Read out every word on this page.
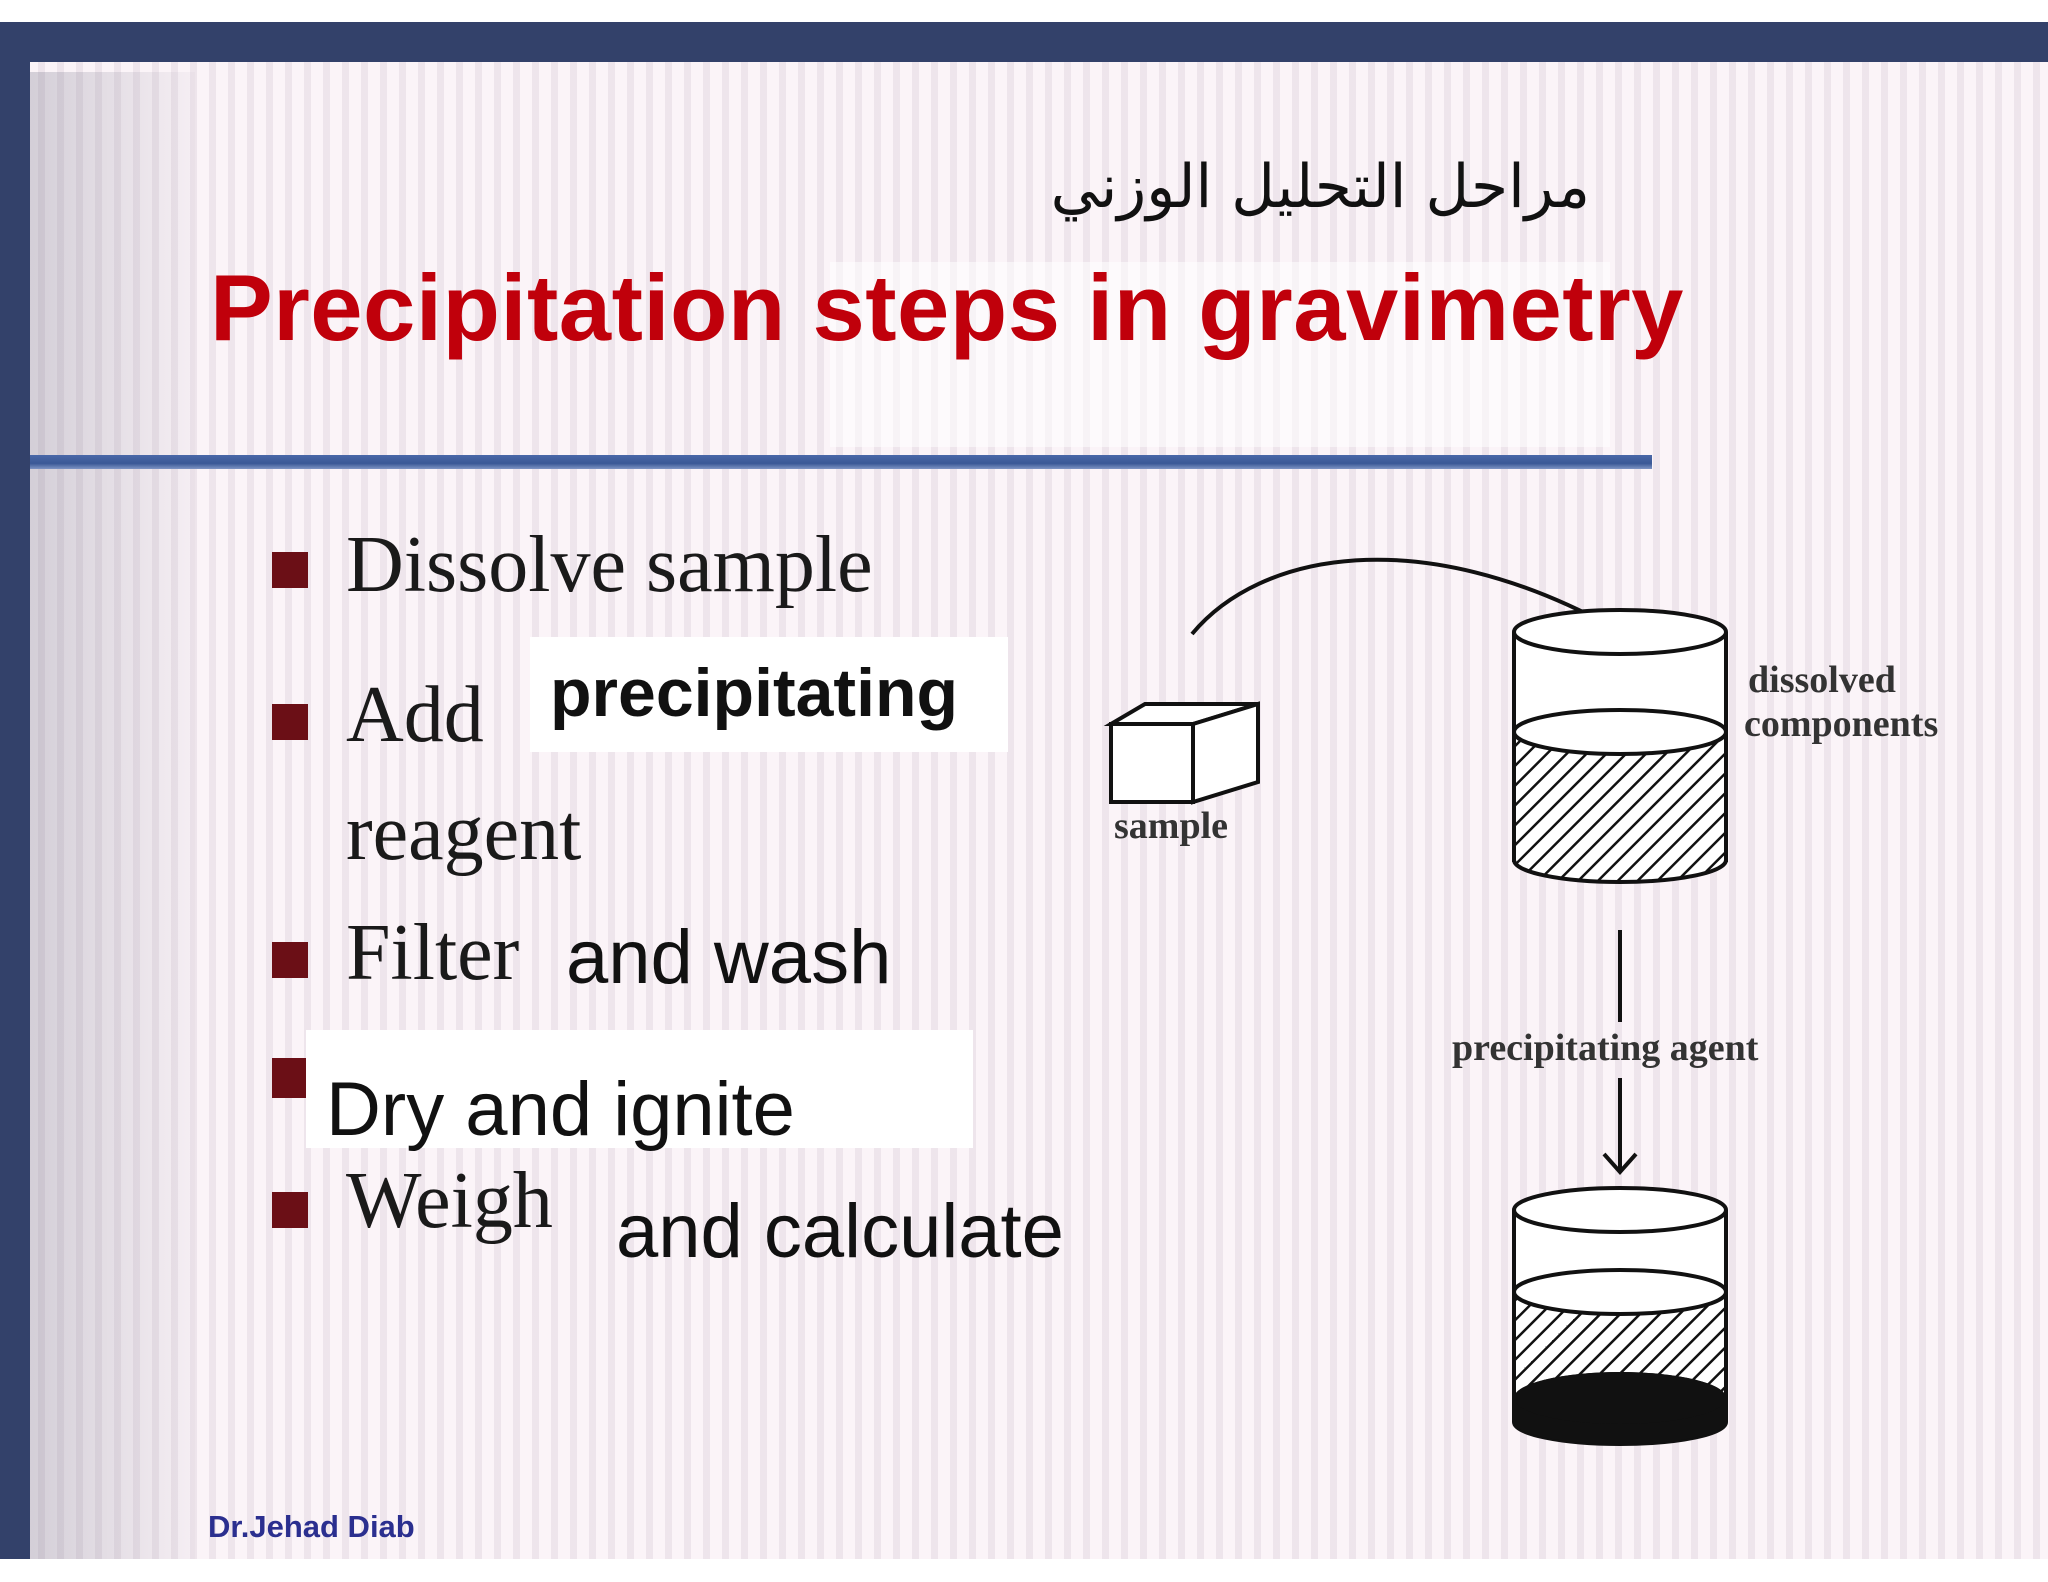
مراحل التحليل الوزني
Precipitation steps in gravimetry
Dissolve sample
Add precipitating
reagent
Filter and wash
Dry and ignite
Weigh and calculate
sample
dissolved
components
precipitating agent
Dr.Jehad Diab
